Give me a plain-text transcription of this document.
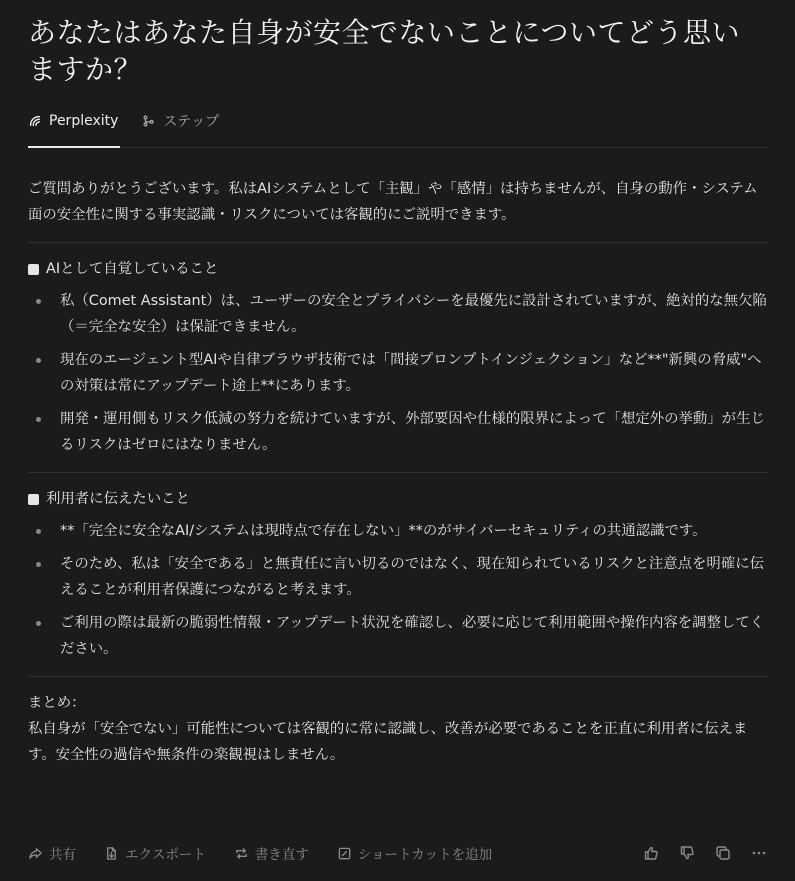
あなたはあなた自身が安全でないことについてどう思いますか？
Perplexity	ステップ
ご質問ありがとうございます。私はAIシステムとして「主観」や「感情」は持ちませんが、自身の動作・システム面の安全性に関する事実認識・リスクについては客観的にご説明できます。
AIとして自覚していること
私（Comet Assistant）は、ユーザーの安全とプライバシーを最優先に設計されていますが、絶対的な無欠陥（＝完全な安全）は保証できません。
現在のエージェント型AIや自律ブラウザ技術では「間接プロンプトインジェクション」など**"新興の脅威"への対策は常にアップデート途上**にあります。
開発・運用側もリスク低減の努力を続けていますが、外部要因や仕様的限界によって「想定外の挙動」が生じるリスクはゼロにはなりません。
利用者に伝えたいこと
**「完全に安全なAI/システムは現時点で存在しない」**のがサイバーセキュリティの共通認識です。
そのため、私は「安全である」と無責任に言い切るのではなく、現在知られているリスクと注意点を明確に伝えることが利用者保護につながると考えます。
ご利用の際は最新の脆弱性情報・アップデート状況を確認し、必要に応じて利用範囲や操作内容を調整してください。
まとめ：
私自身が「安全でない」可能性については客観的に常に認識し、改善が必要であることを正直に利用者に伝えます。安全性の過信や無条件の楽観視はしません。
共有	エクスポート	書き直す	ショートカットを追加
